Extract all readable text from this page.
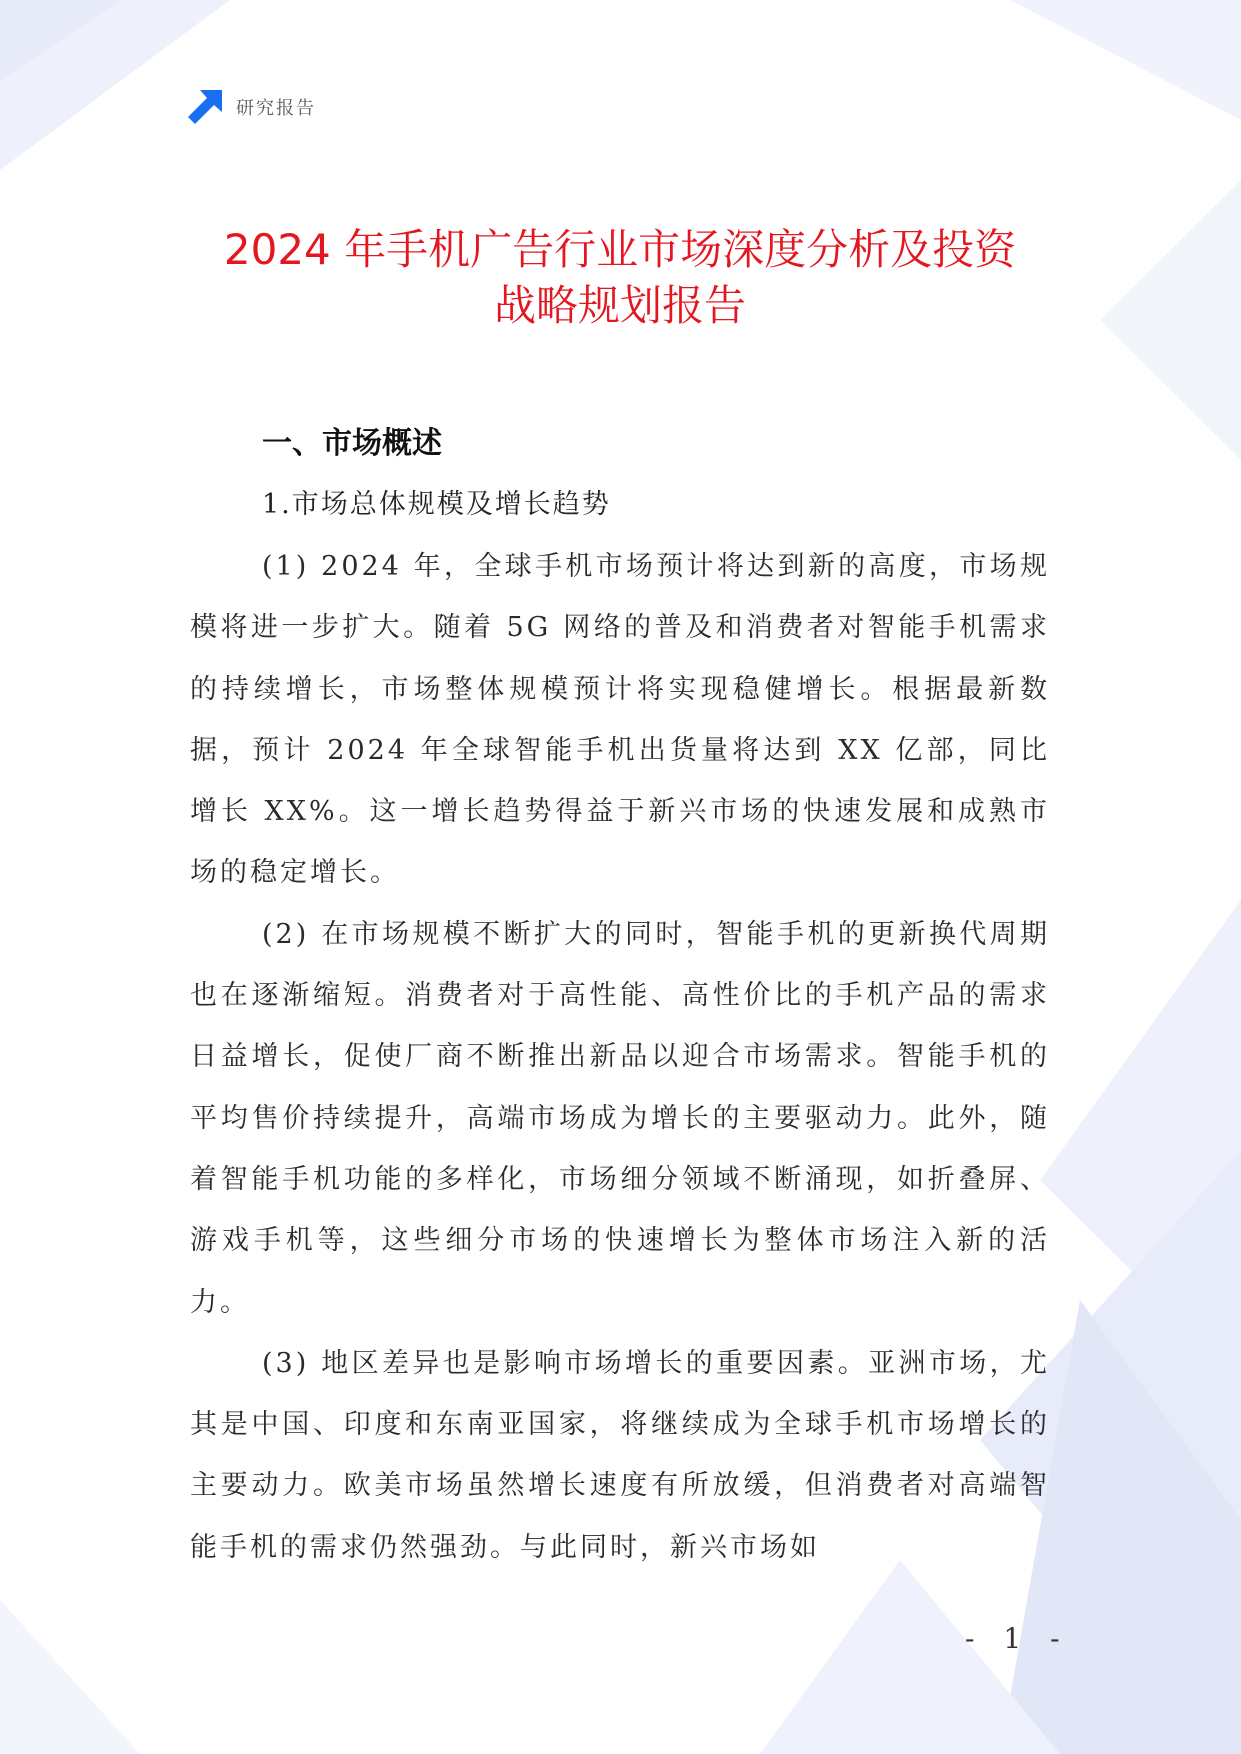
研究报告
2024 年手机广告行业市场深度分析及投资
战略规划报告
一、市场概述
1.市场总体规模及增长趋势

(1) 2024 年，全球手机市场预计将达到新的高度，市场规模将进一步扩大。随着 5G 网络的普及和消费者对智能手机需求的持续增长，市场整体规模预计将实现稳健增长。根据最新数据，预计 2024 年全球智能手机出货量将达到 XX 亿部，同比增长 XX%。这一增长趋势得益于新兴市场的快速发展和成熟市场的稳定增长。

(2) 在市场规模不断扩大的同时，智能手机的更新换代周期也在逐渐缩短。消费者对于高性能、高性价比的手机产品的需求日益增长，促使厂商不断推出新品以迎合市场需求。智能手机的平均售价持续提升，高端市场成为增长的主要驱动力。此外，随着智能手机功能的多样化，市场细分领域不断涌现，如折叠屏、游戏手机等，这些细分市场的快速增长为整体市场注入新的活力。

(3) 地区差异也是影响市场增长的重要因素。亚洲市场，尤其是中国、印度和东南亚国家，将继续成为全球手机市场增长的主要动力。欧美市场虽然增长速度有所放缓，但消费者对高端智能手机的需求仍然强劲。与此同时，新兴市场如

- 1 -
